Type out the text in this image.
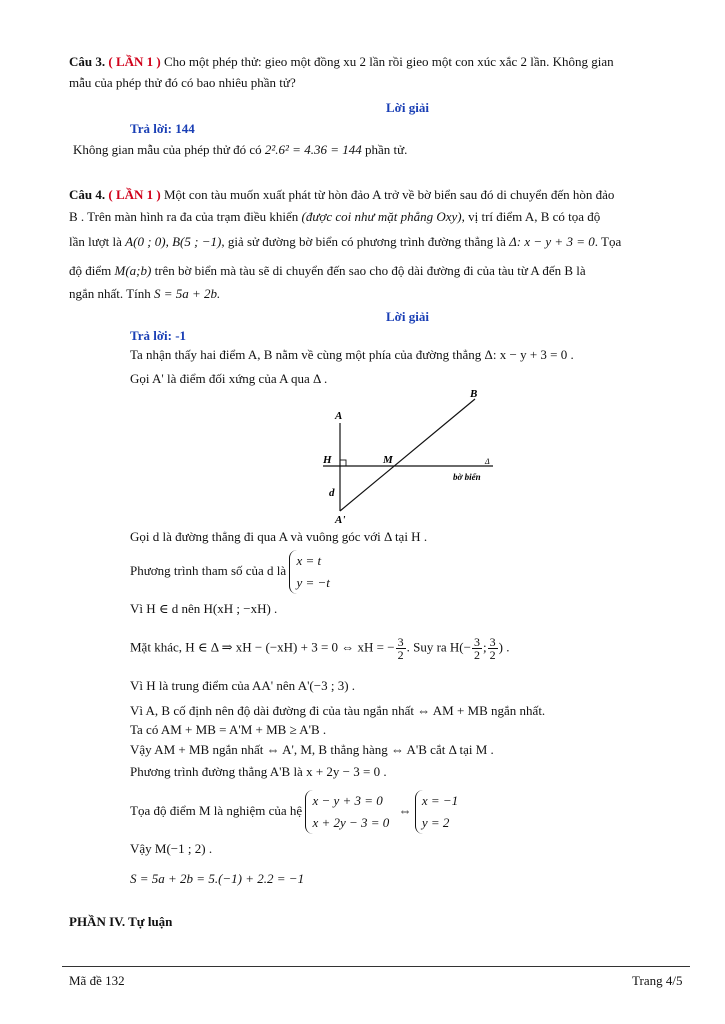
Câu 3. ( LẦN 1 ) Cho một phép thử: gieo một đồng xu 2 lần rồi gieo một con xúc xắc 2 lần. Không gian
mẫu của phép thử đó có bao nhiêu phần tử?
Lời giải
Trả lời: 144
Không gian mẫu của phép thử đó có 2².6² = 4.36 = 144 phần tử.
Câu 4. ( LẦN 1 ) Một con tàu muốn xuất phát từ hòn đảo A trở về bờ biển sau đó di chuyển đến hòn đảo
B . Trên màn hình ra đa của trạm điều khiển (được coi như mặt phẳng Oxy), vị trí điểm A, B có tọa độ
lần lượt là A(0 ; 0), B(5 ; −1), giả sử đường bờ biển có phương trình đường thẳng là Δ: x − y + 3 = 0. Tọa
độ điểm M(a;b) trên bờ biển mà tàu sẽ di chuyển đến sao cho độ dài đường đi của tàu từ A đến B là
ngắn nhất. Tính S = 5a + 2b.
Lời giải
Trả lời: -1
Ta nhận thấy hai điểm A, B nằm về cùng một phía của đường thẳng Δ: x − y + 3 = 0 .
Gọi A' là điểm đối xứng của A qua Δ .
A
B
H	M
d
A'
Δ
bờ biển
Gọi d là đường thẳng đi qua A và vuông góc với Δ tại H .
Phương trình tham số của d là
x = t
y = −t
Vì H ∈ d nên H(xH ; −xH) .
Mặt khác, H ∈ Δ ⇒ xH − (−xH) + 3 = 0 ⇔ xH = − $\frac{3}{2}$ . Suy ra $H(- \frac{3}{2}$ ; $\frac{3}{2}$ ) .
Vì H là trung điểm của AA' nên A'(−3 ; 3) .
Vì A, B cố định nên độ dài đường đi của tàu ngắn nhất ⇔ AM + MB ngắn nhất.
Ta có AM + MB = A'M + MB ≥ A'B .
Vậy AM + MB ngắn nhất ⇔ A', M, B thẳng hàng ⇔ A'B cắt Δ tại M .
Phương trình đường thẳng A'B là x + 2y − 3 = 0 .
Tọa độ điểm M là nghiệm của hệ
x − y + 3 = 0
x + 2y − 3 = 0
⇔
x = −1
y = 2
Vậy M(−1 ; 2) .
S = 5a + 2b = 5.(−1) + 2.2 = −1
PHẦN IV. Tự luận
Mã đề 132	Trang 4/5
